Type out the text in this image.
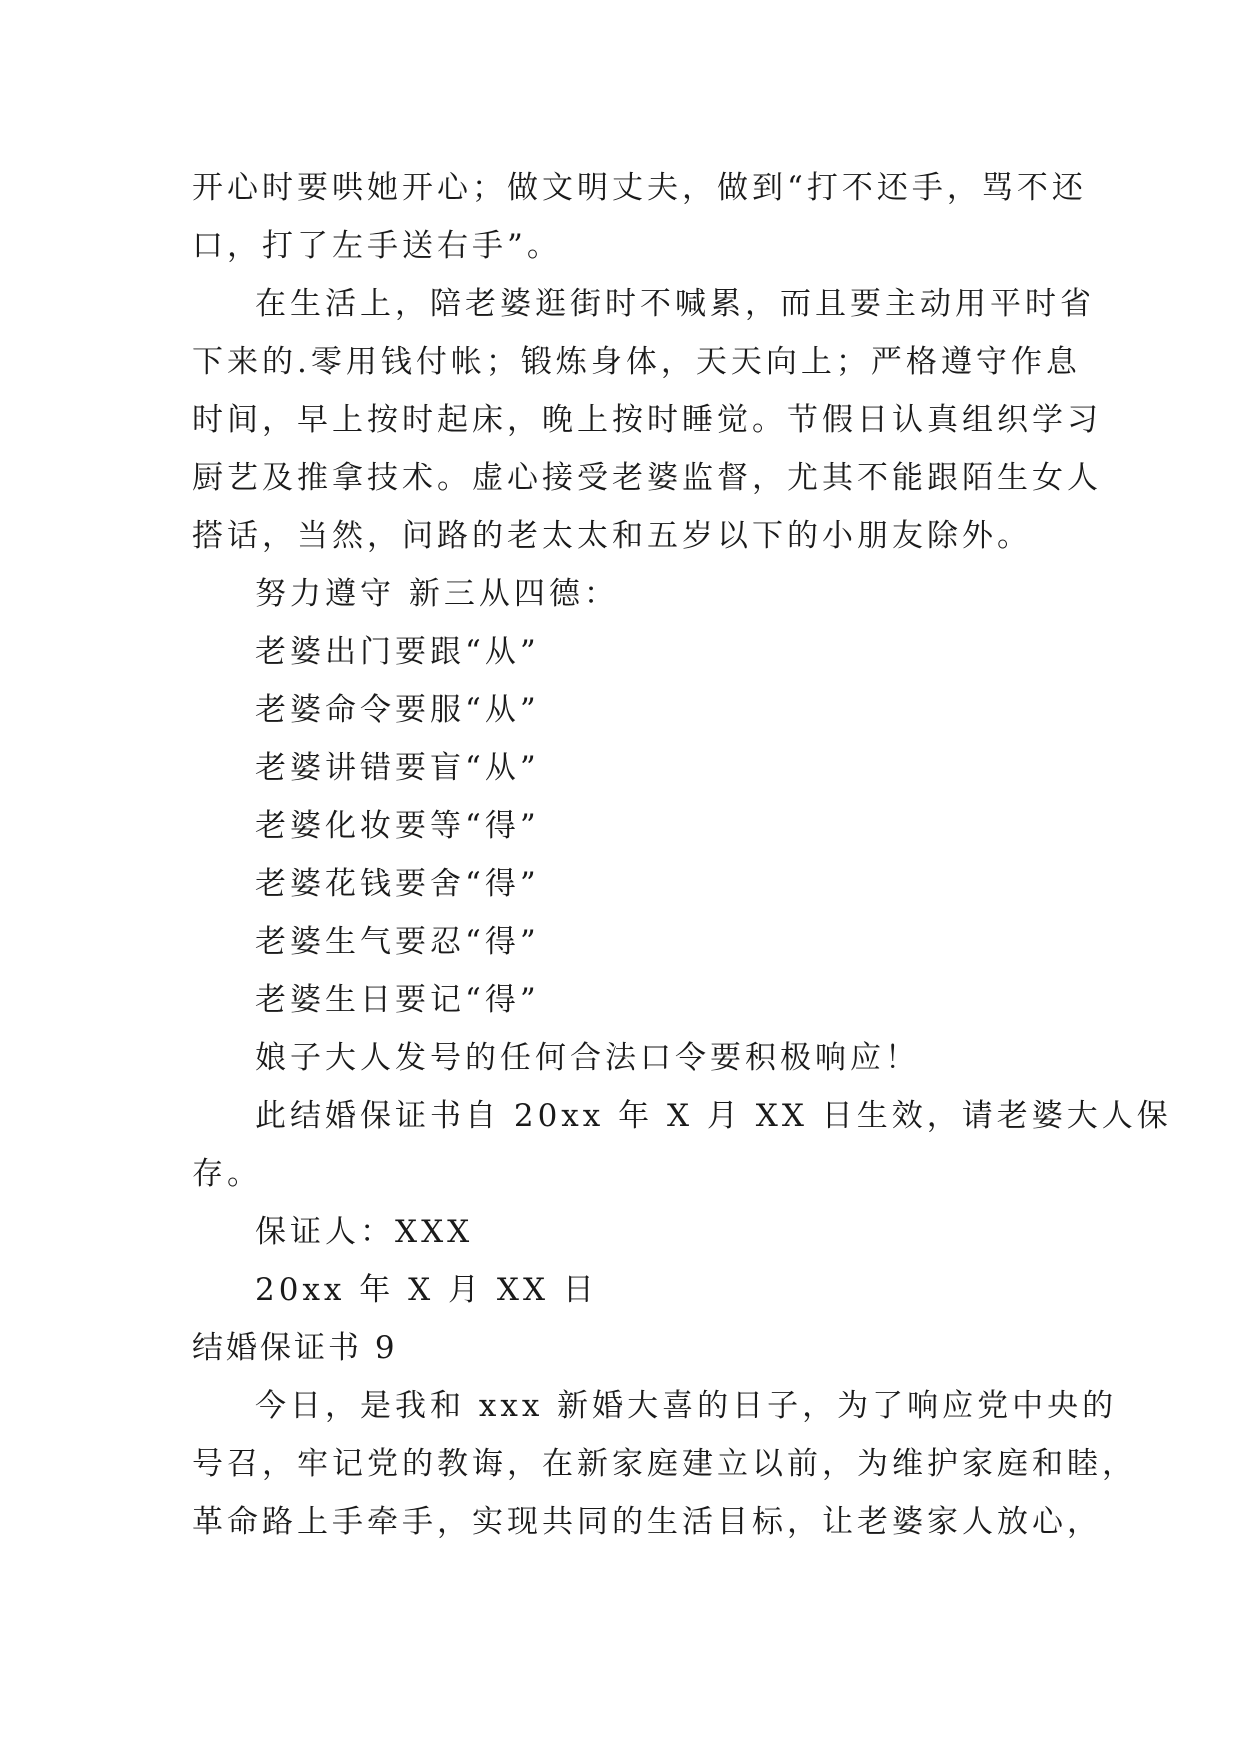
开心时要哄她开心；做文明丈夫，做到“打不还手，骂不还
口，打了左手送右手”。
在生活上，陪老婆逛街时不喊累，而且要主动用平时省
下来的.零用钱付帐；锻炼身体，天天向上；严格遵守作息
时间，早上按时起床，晚上按时睡觉。节假日认真组织学习
厨艺及推拿技术。虚心接受老婆监督，尤其不能跟陌生女人
搭话，当然，问路的老太太和五岁以下的小朋友除外。
努力遵守 新三从四德：
老婆出门要跟“从”
老婆命令要服“从”
老婆讲错要盲“从”
老婆化妆要等“得”
老婆花钱要舍“得”
老婆生气要忍“得”
老婆生日要记“得”
娘子大人发号的任何合法口令要积极响应！
此结婚保证书自 20xx 年 X 月 XX 日生效，请老婆大人保
存。
保证人：XXX
20xx 年 X 月 XX 日
结婚保证书 9
今日，是我和 xxx 新婚大喜的日子，为了响应党中央的
号召，牢记党的教诲，在新家庭建立以前，为维护家庭和睦，
革命路上手牵手，实现共同的生活目标，让老婆家人放心，
